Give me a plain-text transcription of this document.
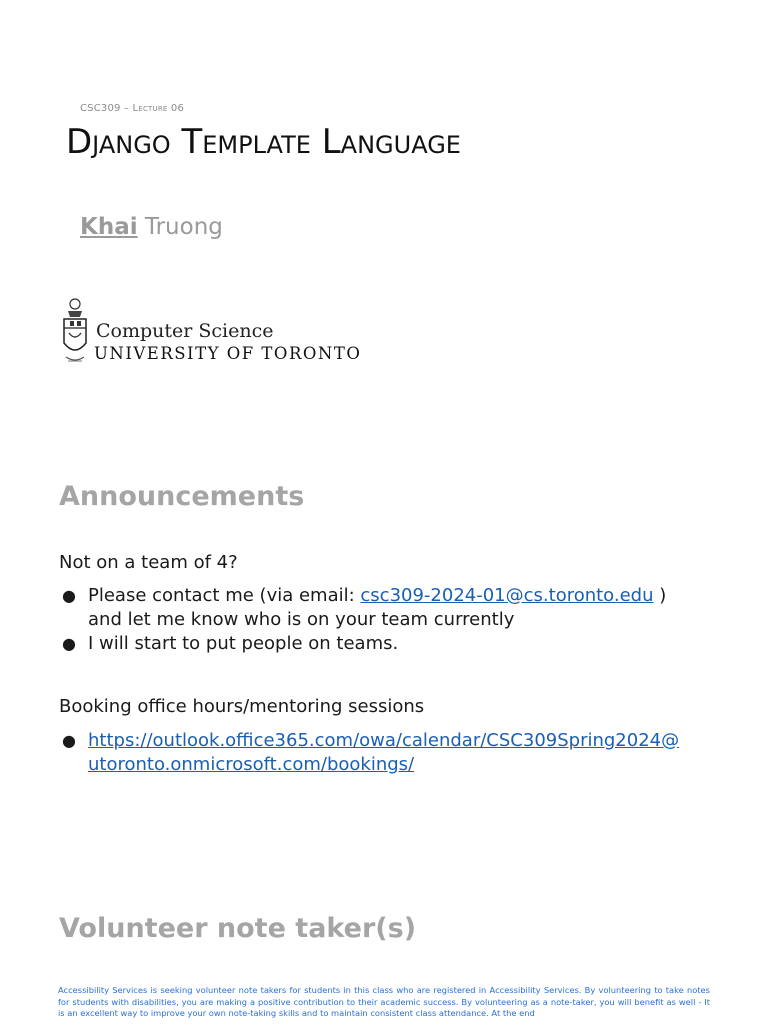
CSC309 – Lecture 06
Django Template Language
Khai Truong
Computer Science
UNIVERSITY OF TORONTO
Announcements
Not on a team of 4?
● Please contact me (via email: csc309-2024-01@cs.toronto.edu )
and let me know who is on your team currently
● I will start to put people on teams.
Booking office hours/mentoring sessions
● https://outlook.office365.com/owa/calendar/CSC309Spring2024@
utoronto.onmicrosoft.com/bookings/
Volunteer note taker(s)
Accessibility Services is seeking volunteer note takers for students in this class who are registered in Accessibility Services. By volunteering to take notes for students with disabilities, you are making a positive contribution to their academic success. By volunteering as a note-taker, you will benefit as well - It is an excellent way to improve your own note-taking skills and to maintain consistent class attendance. At the end
